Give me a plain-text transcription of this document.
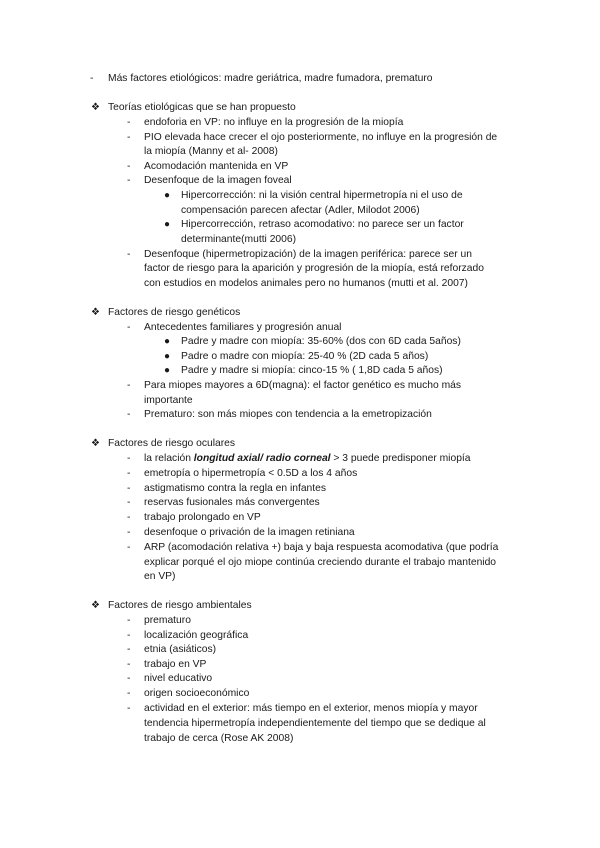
- Más factores etiológicos: madre geriátrica, madre fumadora, prematuro
❖ Teorías etiológicas que se han propuesto
- endoforia en VP: no influye en la progresión de la miopía
- PIO elevada hace crecer el ojo posteriormente, no influye en la progresión de
la miopía (Manny et al- 2008)
- Acomodación mantenida en VP
- Desenfoque de la imagen foveal
● Hipercorrección: ni la visión central hipermetropía ni el uso de
compensación parecen afectar (Adler, Milodot 2006)
● Hipercorrección, retraso acomodativo: no parece ser un factor
determinante(mutti 2006)
- Desenfoque (hipermetropización) de la imagen periférica: parece ser un
factor de riesgo para la aparición y progresión de la miopía, está reforzado
con estudios en modelos animales pero no humanos (mutti et al. 2007)
❖ Factores de riesgo genéticos
- Antecedentes familiares y progresión anual
● Padre y madre con miopía: 35-60% (dos con 6D cada 5años)
● Padre o madre con miopía: 25-40 % (2D cada 5 años)
● Padre y madre si miopía: cinco-15 % ( 1,8D cada 5 años)
- Para miopes mayores a 6D(magna): el factor genético es mucho más
importante
- Prematuro: son más miopes con tendencia a la emetropización
❖ Factores de riesgo oculares
- la relación longitud axial/ radio corneal > 3 puede predisponer miopía
- emetropía o hipermetropía < 0.5D a los 4 años
- astigmatismo contra la regla en infantes
- reservas fusionales más convergentes
- trabajo prolongado en VP
- desenfoque o privación de la imagen retiniana
- ARP (acomodación relativa +) baja y baja respuesta acomodativa (que podría
explicar porqué el ojo miope continúa creciendo durante el trabajo mantenido
en VP)
❖ Factores de riesgo ambientales
- prematuro
- localización geográfica
- etnia (asiáticos)
- trabajo en VP
- nivel educativo
- origen socioeconómico
- actividad en el exterior: más tiempo en el exterior, menos miopía y mayor
tendencia hipermetropía independientemente del tiempo que se dedique al
trabajo de cerca (Rose AK 2008)
